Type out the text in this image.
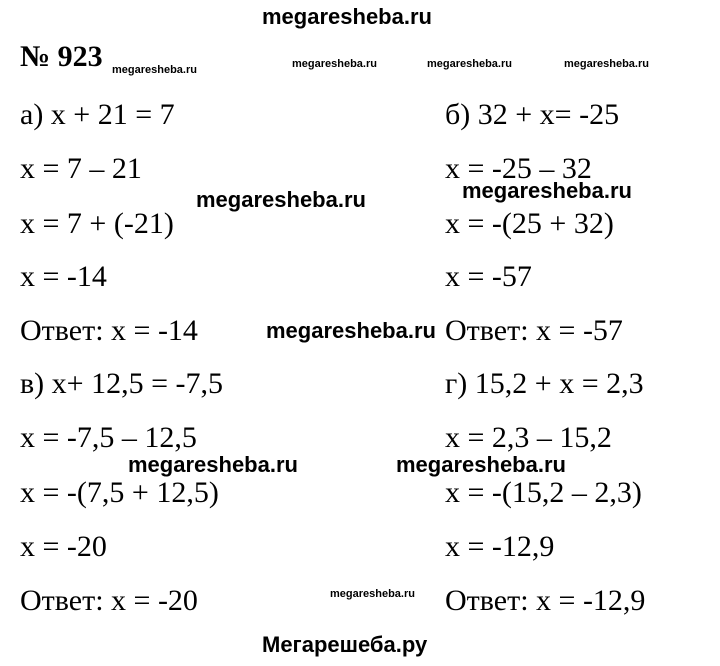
megaresheba.ru
№ 923 megaresheba.ru	megaresheba.ru	megaresheba.ru	megaresheba.ru
а) x + 21 = 7
x = 7 – 21
x = 7 + (-21)
x = -14
Ответ: x = -14
б) 32 + x= -25
x = -25 – 32
x = -(25 + 32)
x = -57
Ответ: x = -57
megaresheba.ru	megaresheba.ru
megaresheba.ru
в) x+ 12,5 = -7,5
x = -7,5 – 12,5
x = -(7,5 + 12,5)
x = -20
Ответ: x = -20
г) 15,2 + x = 2,3
x = 2,3 – 15,2
x = -(15,2 – 2,3)
x = -12,9
Ответ: x = -12,9
megaresheba.ru	megaresheba.ru
megaresheba.ru
Мегарешеба.ру
